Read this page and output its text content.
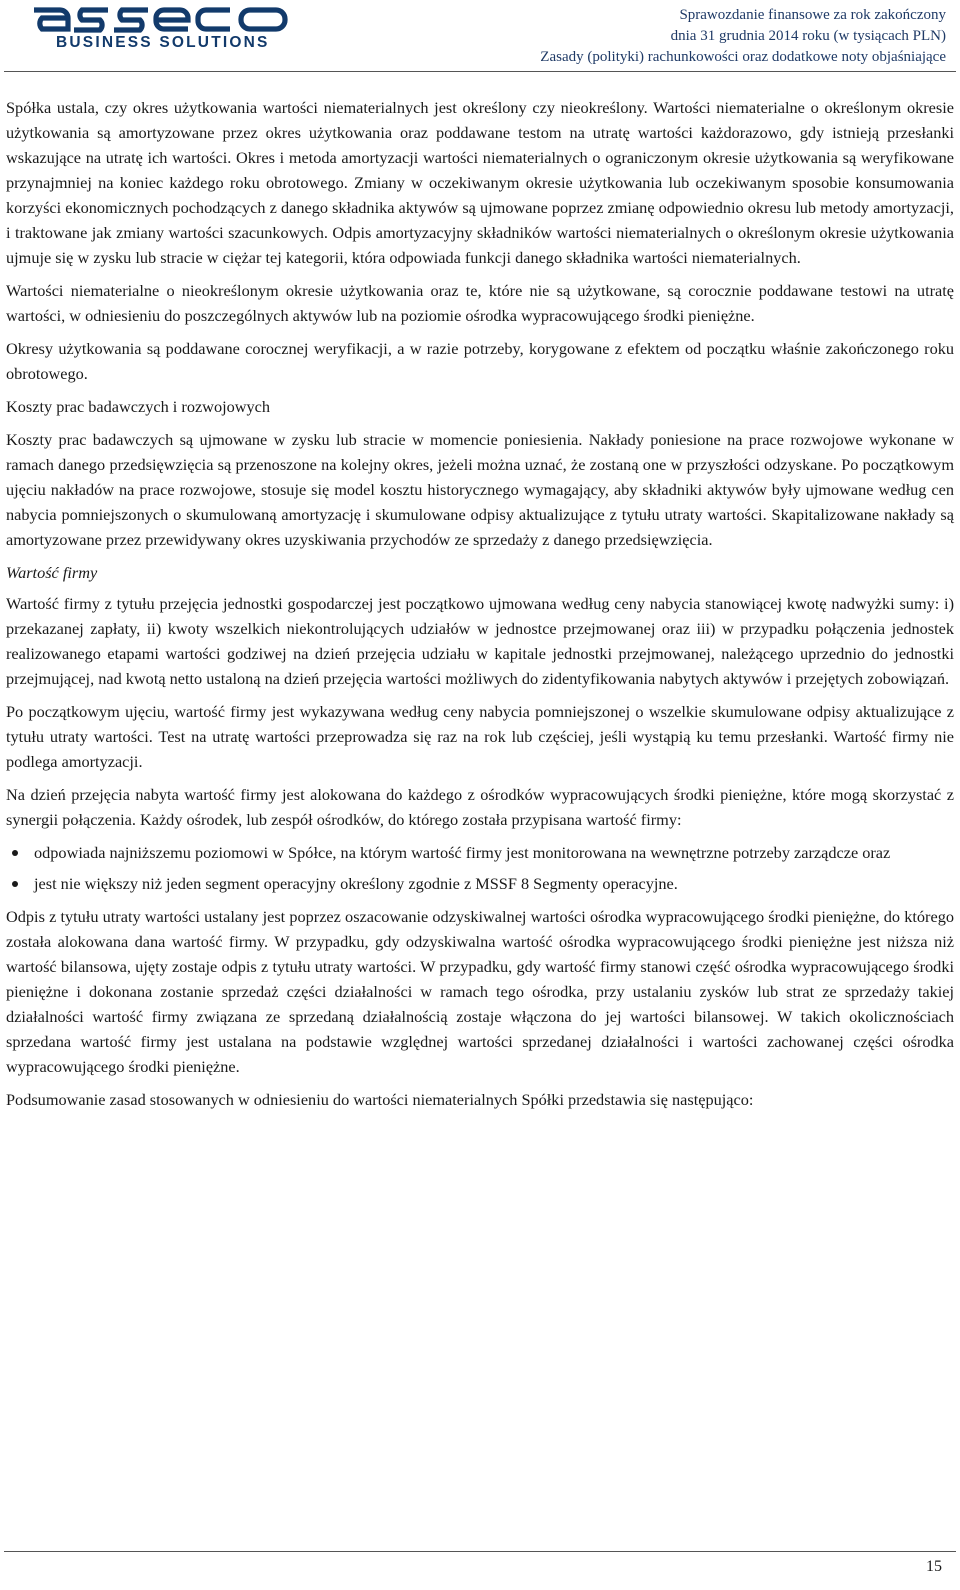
BUSINESS SOLUTIONS
Sprawozdanie finansowe za rok zakończony
dnia 31 grudnia 2014 roku (w tysiącach PLN)
Zasady (polityki) rachunkowości oraz dodatkowe noty objaśniające

Spółka ustala, czy okres użytkowania wartości niematerialnych jest określony czy nieokreślony. Wartości niematerialne o określonym okresie użytkowania są amortyzowane przez okres użytkowania oraz poddawane testom na utratę wartości każdorazowo, gdy istnieją przesłanki wskazujące na utratę ich wartości. Okres i metoda amortyzacji wartości niematerialnych o ograniczonym okresie użytkowania są weryfikowane przynajmniej na koniec każdego roku obrotowego. Zmiany w oczekiwanym okresie użytkowania lub oczekiwanym sposobie konsumowania korzyści ekonomicznych pochodzących z danego składnika aktywów są ujmowane poprzez zmianę odpowiednio okresu lub metody amortyzacji, i traktowane jak zmiany wartości szacunkowych. Odpis amortyzacyjny składników wartości niematerialnych o określonym okresie użytkowania ujmuje się w zysku lub stracie w ciężar tej kategorii, która odpowiada funkcji danego składnika wartości niematerialnych.

Wartości niematerialne o nieokreślonym okresie użytkowania oraz te, które nie są użytkowane, są corocznie poddawane testowi na utratę wartości, w odniesieniu do poszczególnych aktywów lub na poziomie ośrodka wypracowującego środki pieniężne.

Okresy użytkowania są poddawane corocznej weryfikacji, a w razie potrzeby, korygowane z efektem od początku właśnie zakończonego roku obrotowego.

Koszty prac badawczych i rozwojowych

Koszty prac badawczych są ujmowane w zysku lub stracie w momencie poniesienia. Nakłady poniesione na prace rozwojowe wykonane w ramach danego przedsięwzięcia są przenoszone na kolejny okres, jeżeli można uznać, że zostaną one w przyszłości odzyskane. Po początkowym ujęciu nakładów na prace rozwojowe, stosuje się model kosztu historycznego wymagający, aby składniki aktywów były ujmowane według cen nabycia pomniejszonych o skumulowaną amortyzację i skumulowane odpisy aktualizujące z tytułu utraty wartości. Skapitalizowane nakłady są amortyzowane przez przewidywany okres uzyskiwania przychodów ze sprzedaży z danego przedsięwzięcia.

Wartość firmy

Wartość firmy z tytułu przejęcia jednostki gospodarczej jest początkowo ujmowana według ceny nabycia stanowiącej kwotę nadwyżki sumy: i) przekazanej zapłaty, ii) kwoty wszelkich niekontrolujących udziałów w jednostce przejmowanej oraz iii) w przypadku połączenia jednostek realizowanego etapami wartości godziwej na dzień przejęcia udziału w kapitale jednostki przejmowanej, należącego uprzednio do jednostki przejmującej, nad kwotą netto ustaloną na dzień przejęcia wartości możliwych do zidentyfikowania nabytych aktywów i przejętych zobowiązań.

Po początkowym ujęciu, wartość firmy jest wykazywana według ceny nabycia pomniejszonej o wszelkie skumulowane odpisy aktualizujące z tytułu utraty wartości. Test na utratę wartości przeprowadza się raz na rok lub częściej, jeśli wystąpią ku temu przesłanki. Wartość firmy nie podlega amortyzacji.

Na dzień przejęcia nabyta wartość firmy jest alokowana do każdego z ośrodków wypracowujących środki pieniężne, które mogą skorzystać z synergii połączenia. Każdy ośrodek, lub zespół ośrodków, do którego została przypisana wartość firmy:

odpowiada najniższemu poziomowi w Spółce, na którym wartość firmy jest monitorowana na wewnętrzne potrzeby zarządcze oraz
jest nie większy niż jeden segment operacyjny określony zgodnie z MSSF 8 Segmenty operacyjne.

Odpis z tytułu utraty wartości ustalany jest poprzez oszacowanie odzyskiwalnej wartości ośrodka wypracowującego środki pieniężne, do którego została alokowana dana wartość firmy. W przypadku, gdy odzyskiwalna wartość ośrodka wypracowującego środki pieniężne jest niższa niż wartość bilansowa, ujęty zostaje odpis z tytułu utraty wartości. W przypadku, gdy wartość firmy stanowi część ośrodka wypracowującego środki pieniężne i dokonana zostanie sprzedaż części działalności w ramach tego ośrodka, przy ustalaniu zysków lub strat ze sprzedaży takiej działalności wartość firmy związana ze sprzedaną działalnością zostaje włączona do jej wartości bilansowej. W takich okolicznościach sprzedana wartość firmy jest ustalana na podstawie względnej wartości sprzedanej działalności i wartości zachowanej części ośrodka wypracowującego środki pieniężne.

Podsumowanie zasad stosowanych w odniesieniu do wartości niematerialnych Spółki przedstawia się następująco:

15
